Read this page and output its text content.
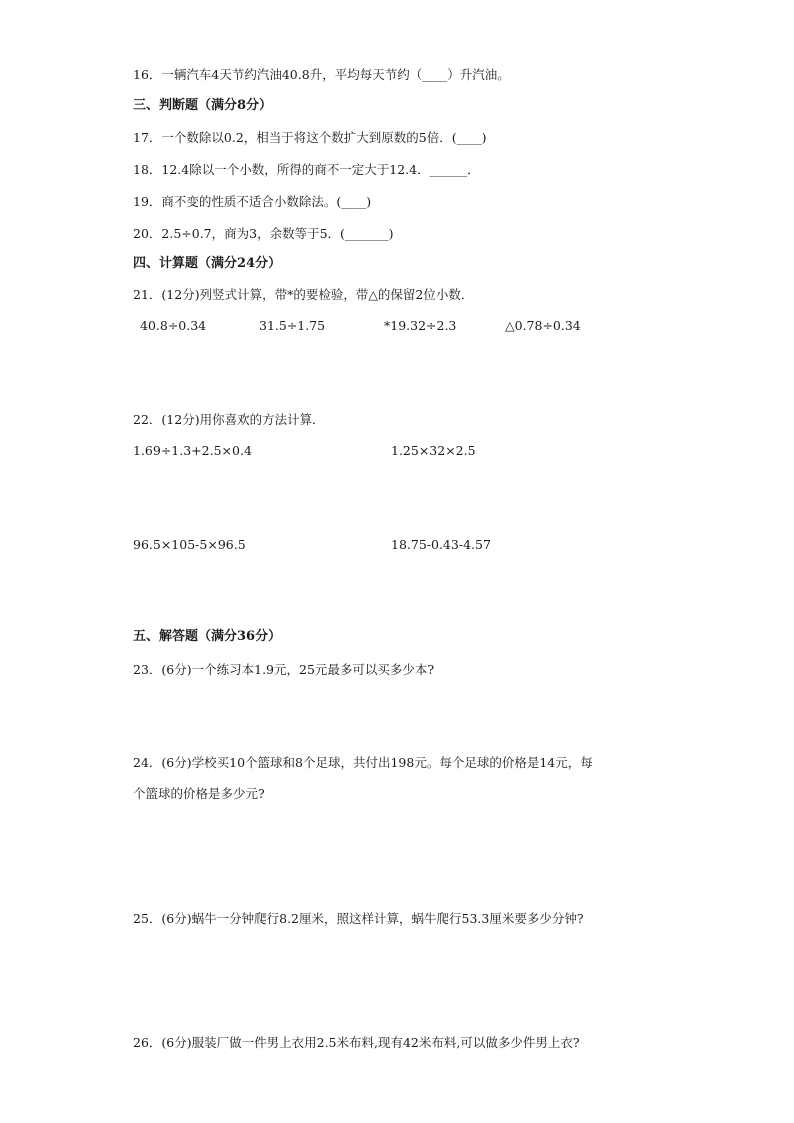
16．一辆汽车4天节约汽油40.8升，平均每天节约（____）升汽油。
三、判断题（满分8分）
17．一个数除以0.2，相当于将这个数扩大到原数的5倍．(____)
18．12.4除以一个小数，所得的商不一定大于12.4．______．
19．商不变的性质不适合小数除法。(____)
20．2.5÷0.7，商为3，余数等于5．(_______)
四、计算题（满分24分）
21．(12分)列竖式计算，带*的要检验，带△的保留2位小数．
40.8÷0.34	31.5÷1.75	*19.32÷2.3	△0.78÷0.34
22．(12分)用你喜欢的方法计算．
1.69÷1.3+2.5×0.4	1.25×32×2.5
96.5×105-5×96.5	18.75-0.43-4.57
五、解答题（满分36分）
23．(6分)一个练习本1.9元，25元最多可以买多少本?
24．(6分)学校买10个篮球和8个足球，共付出198元。每个足球的价格是14元，每
个篮球的价格是多少元?
25．(6分)蜗牛一分钟爬行8.2厘米，照这样计算，蜗牛爬行53.3厘米要多少分钟?
26．(6分)服装厂做一件男上衣用2.5米布料,现有42米布料,可以做多少件男上衣?
